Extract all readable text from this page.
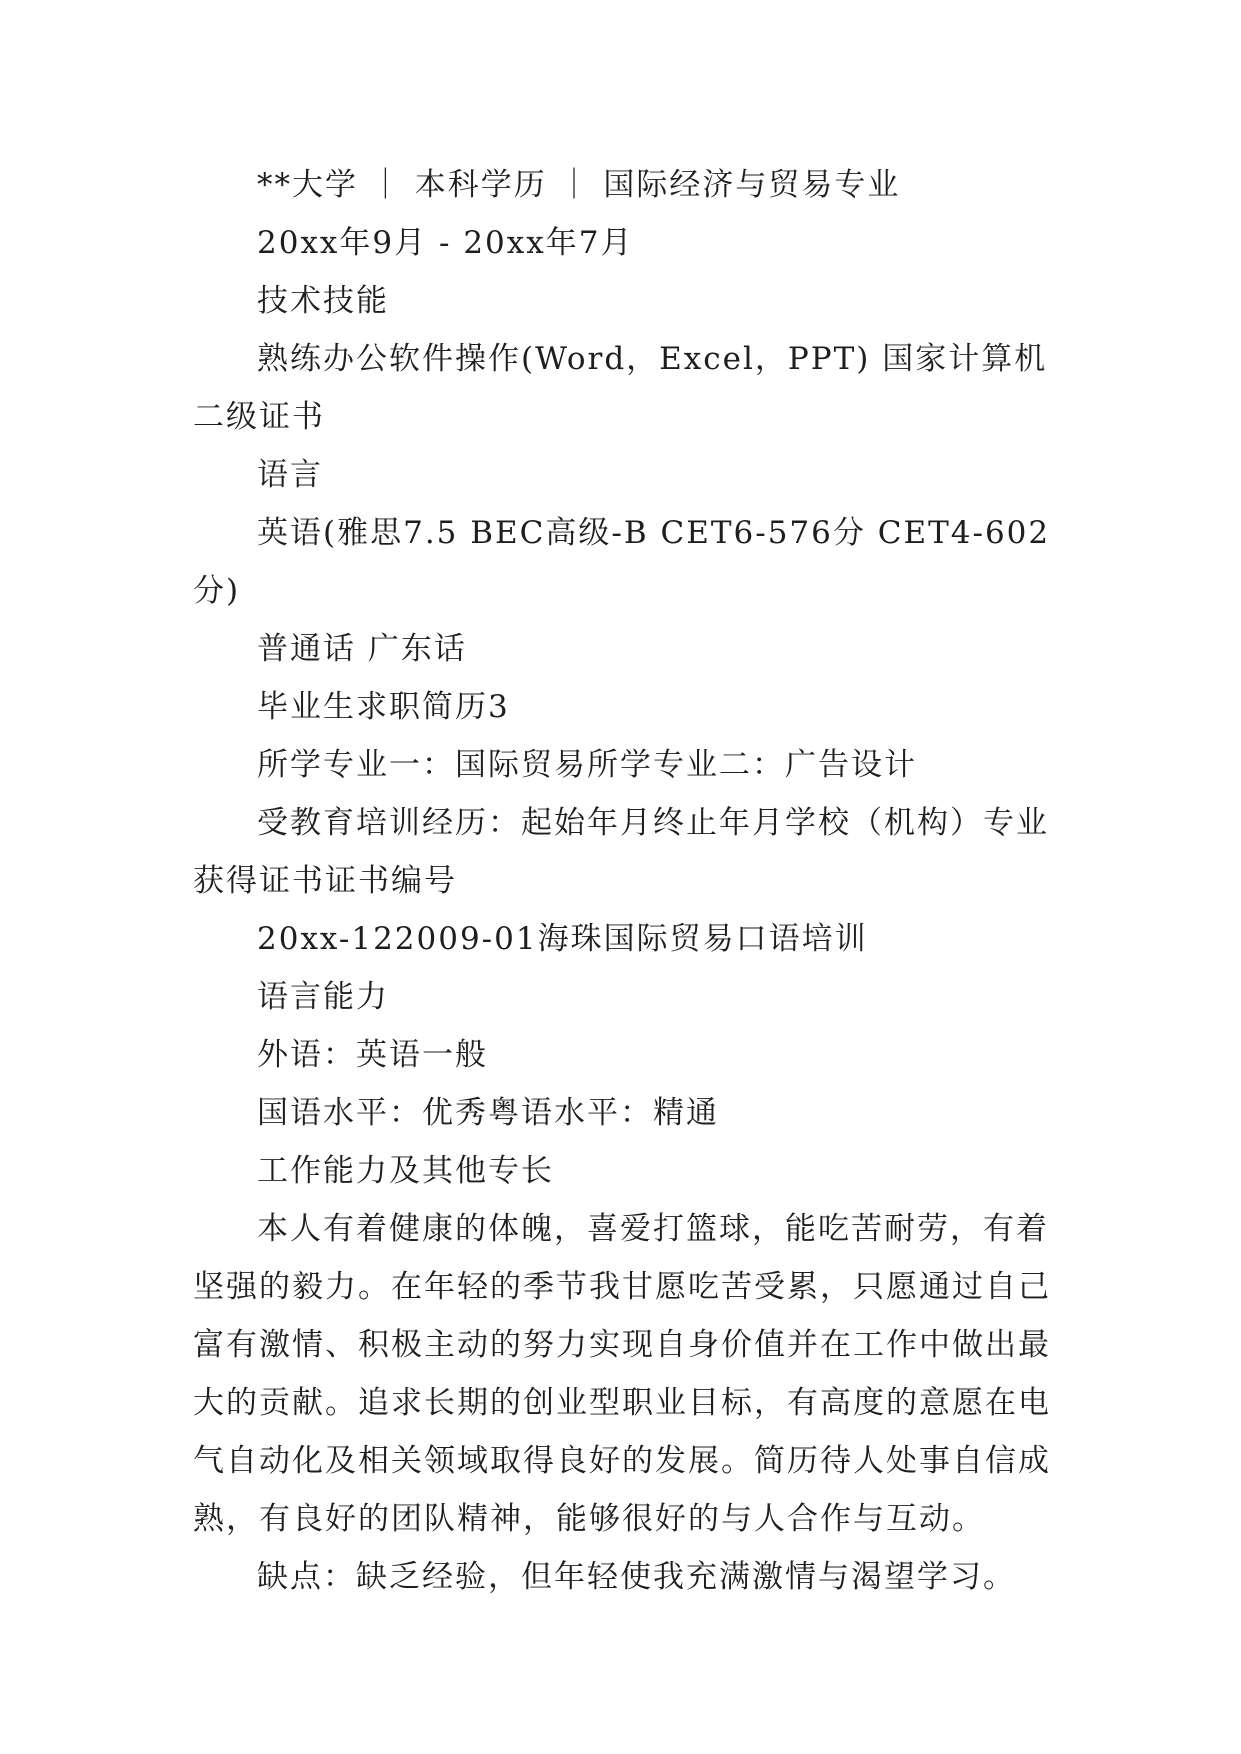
**大学 ｜ 本科学历 ｜ 国际经济与贸易专业

20xx年9月 - 20xx年7月

技术技能

熟练办公软件操作(Word，Excel，PPT) 国家计算机二级证书

语言

英语(雅思7.5 BEC高级-B CET6-576分 CET4-602分)

普通话 广东话

毕业生求职简历3

所学专业一：国际贸易所学专业二：广告设计

受教育培训经历：起始年月终止年月学校（机构）专业获得证书证书编号

20xx-122009-01海珠国际贸易口语培训

语言能力

外语：英语一般

国语水平：优秀粤语水平：精通

工作能力及其他专长

本人有着健康的体魄，喜爱打篮球，能吃苦耐劳，有着坚强的毅力。在年轻的季节我甘愿吃苦受累，只愿通过自己富有激情、积极主动的努力实现自身价值并在工作中做出最大的贡献。追求长期的创业型职业目标，有高度的意愿在电气自动化及相关领域取得良好的发展。简历待人处事自信成熟，有良好的团队精神，能够很好的与人合作与互动。

缺点：缺乏经验，但年轻使我充满激情与渴望学习。
